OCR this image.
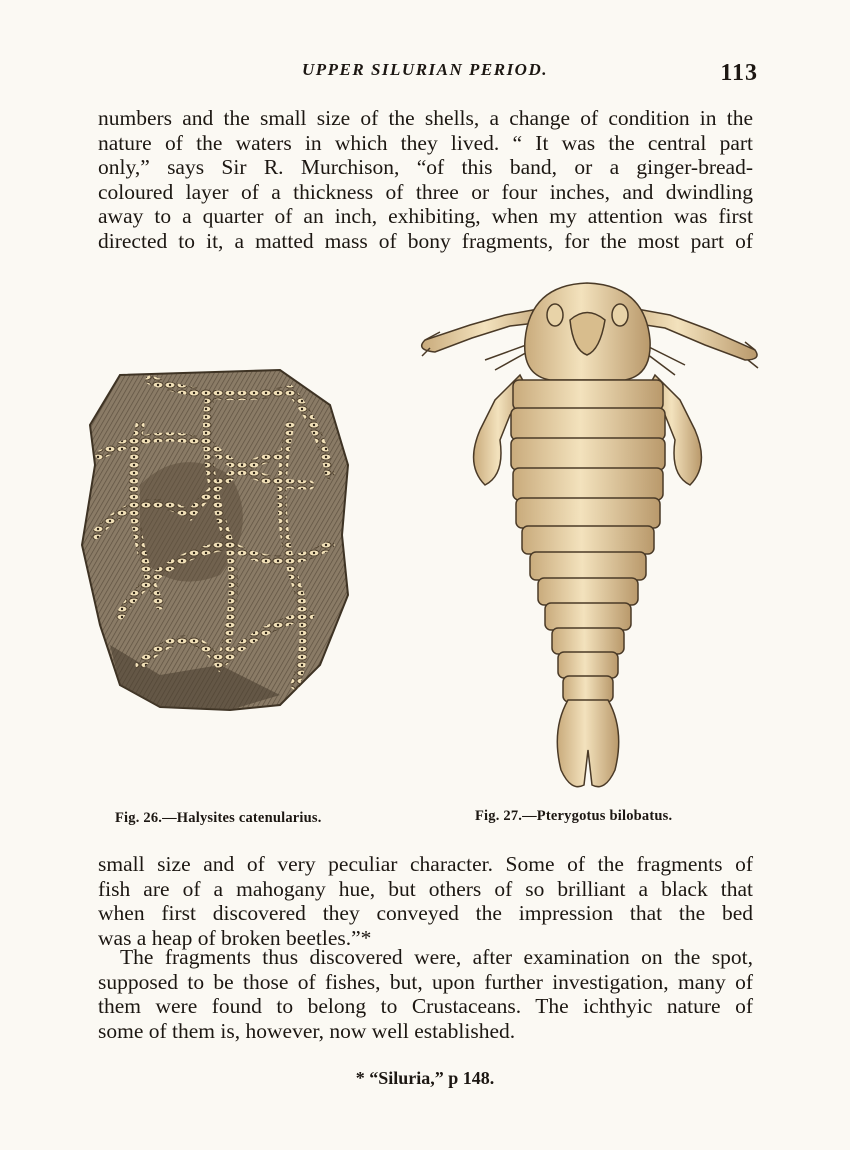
UPPER SILURIAN PERIOD.	113

numbers and the small size of the shells, a change of condition in the
nature of the waters in which they lived. “ It was the central part
only,” says Sir R. Murchison, “of this band, or a ginger-bread-
coloured layer of a thickness of three or four inches, and dwindling
away to a quarter of an inch, exhibiting, when my attention was first
directed to it, a matted mass of bony fragments, for the most part of

Fig. 26.—Halysites catenularius.	Fig. 27.—Pterygotus bilobatus.

small size and of very peculiar character. Some of the fragments of
fish are of a mahogany hue, but others of so brilliant a black that
when first discovered they conveyed the impression that the bed
was a heap of broken beetles.”*

The fragments thus discovered were, after examination on the spot,
supposed to be those of fishes, but, upon further investigation, many of
them were found to belong to Crustaceans. The ichthyic nature of
some of them is, however, now well established.

* “Siluria,” p 148.
